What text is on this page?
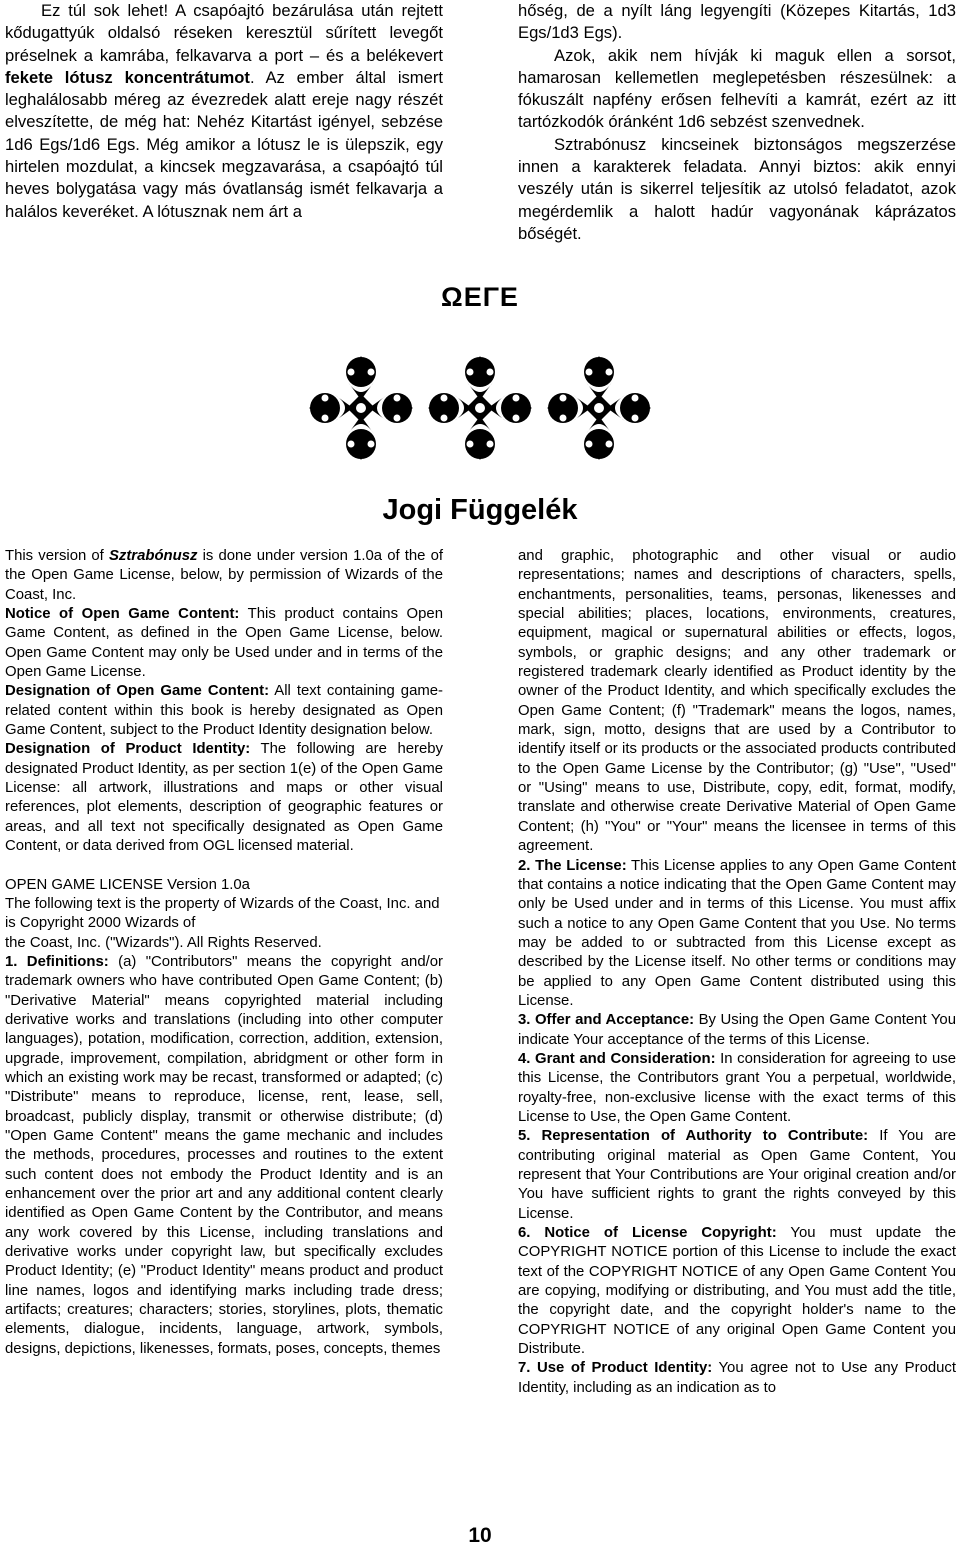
Ez túl sok lehet! A csapóajtó bezárulása után rejtett kődugattyúk oldalsó réseken keresztül sűrített levegőt préselnek a kamrába, felkavarva a port – és a belékevert fekete lótusz koncentrátumot. Az ember által ismert leghalálosabb méreg az évezredek alatt ereje nagy részét elveszítette, de még hat: Nehéz Kitartást igényel, sebzése 1d6 Egs/1d6 Egs. Még amikor a lótusz le is ülepszik, egy hirtelen mozdulat, a kincsek megzavarása, a csapóajtó túl heves bolygatása vagy más óvatlanság ismét felkavarja a halálos keveréket. A lótusznak nem árt a

hőség, de a nyílt láng legyengíti (Közepes Kitartás, 1d3 Egs/1d3 Egs).

Azok, akik nem hívják ki maguk ellen a sorsot, hamarosan kellemetlen meglepetésben részesülnek: a fókuszált napfény erősen felhevíti a kamrát, ezért az itt tartózkodók óránként 1d6 sebzést szenvednek.

Sztrabónusz kincseinek biztonságos megszerzése innen a karakterek feladata. Annyi biztos: akik ennyi veszély után is sikerrel teljesítik az utolsó feladatot, azok megérdemlik a halott hadúr vagyonának káprázatos bőségét.

ΩΕΓΕ
Jogi Függelék

This version of Sztrabónusz is done under version 1.0a of the of the Open Game License, below, by permission of Wizards of the Coast, Inc.

Notice of Open Game Content: This product contains Open Game Content, as defined in the Open Game License, below. Open Game Content may only be Used under and in terms of the Open Game License.

Designation of Open Game Content: All text containing game-related content within this book is hereby designated as Open Game Content, subject to the Product Identity designation below.

Designation of Product Identity: The following are hereby designated Product Identity, as per section 1(e) of the Open Game License: all artwork, illustrations and maps or other visual references, plot elements, description of geographic features or areas, and all text not specifically designated as Open Game Content, or data derived from OGL licensed material.

OPEN GAME LICENSE Version 1.0a

The following text is the property of Wizards of the Coast, Inc. and is Copyright 2000 Wizards of

the Coast, Inc. ("Wizards"). All Rights Reserved.

1. Definitions: (a) "Contributors" means the copyright and/or trademark owners who have contributed Open Game Content; (b) "Derivative Material" means copyrighted material including derivative works and translations (including into other computer languages), potation, modification, correction, addition, extension, upgrade, improvement, compilation, abridgment or other form in which an existing work may be recast, transformed or adapted; (c) "Distribute" means to reproduce, license, rent, lease, sell, broadcast, publicly display, transmit or otherwise distribute; (d) "Open Game Content" means the game mechanic and includes the methods, procedures, processes and routines to the extent such content does not embody the Product Identity and is an enhancement over the prior art and any additional content clearly identified as Open Game Content by the Contributor, and means any work covered by this License, including translations and derivative works under copyright law, but specifically excludes Product Identity; (e) "Product Identity" means product and product line names, logos and identifying marks including trade dress; artifacts; creatures; characters; stories, storylines, plots, thematic elements, dialogue, incidents, language, artwork, symbols, designs, depictions, likenesses, formats, poses, concepts, themes

and graphic, photographic and other visual or audio representations; names and descriptions of characters, spells, enchantments, personalities, teams, personas, likenesses and special abilities; places, locations, environments, creatures, equipment, magical or supernatural abilities or effects, logos, symbols, or graphic designs; and any other trademark or registered trademark clearly identified as Product identity by the owner of the Product Identity, and which specifically excludes the Open Game Content; (f) "Trademark" means the logos, names, mark, sign, motto, designs that are used by a Contributor to identify itself or its products or the associated products contributed to the Open Game License by the Contributor; (g) "Use", "Used" or "Using" means to use, Distribute, copy, edit, format, modify, translate and otherwise create Derivative Material of Open Game Content; (h) "You" or "Your" means the licensee in terms of this agreement.

2. The License: This License applies to any Open Game Content that contains a notice indicating that the Open Game Content may only be Used under and in terms of this License. You must affix such a notice to any Open Game Content that you Use. No terms may be added to or subtracted from this License except as described by the License itself. No other terms or conditions may be applied to any Open Game Content distributed using this License.

3. Offer and Acceptance: By Using the Open Game Content You indicate Your acceptance of the terms of this License.

4. Grant and Consideration: In consideration for agreeing to use this License, the Contributors grant You a perpetual, worldwide, royalty-free, non-exclusive license with the exact terms of this License to Use, the Open Game Content.

5. Representation of Authority to Contribute: If You are contributing original material as Open Game Content, You represent that Your Contributions are Your original creation and/or You have sufficient rights to grant the rights conveyed by this License.

6. Notice of License Copyright: You must update the COPYRIGHT NOTICE portion of this License to include the exact text of the COPYRIGHT NOTICE of any Open Game Content You are copying, modifying or distributing, and You must add the title, the copyright date, and the copyright holder's name to the COPYRIGHT NOTICE of any original Open Game Content you Distribute.

7. Use of Product Identity: You agree not to Use any Product Identity, including as an indication as to

10
